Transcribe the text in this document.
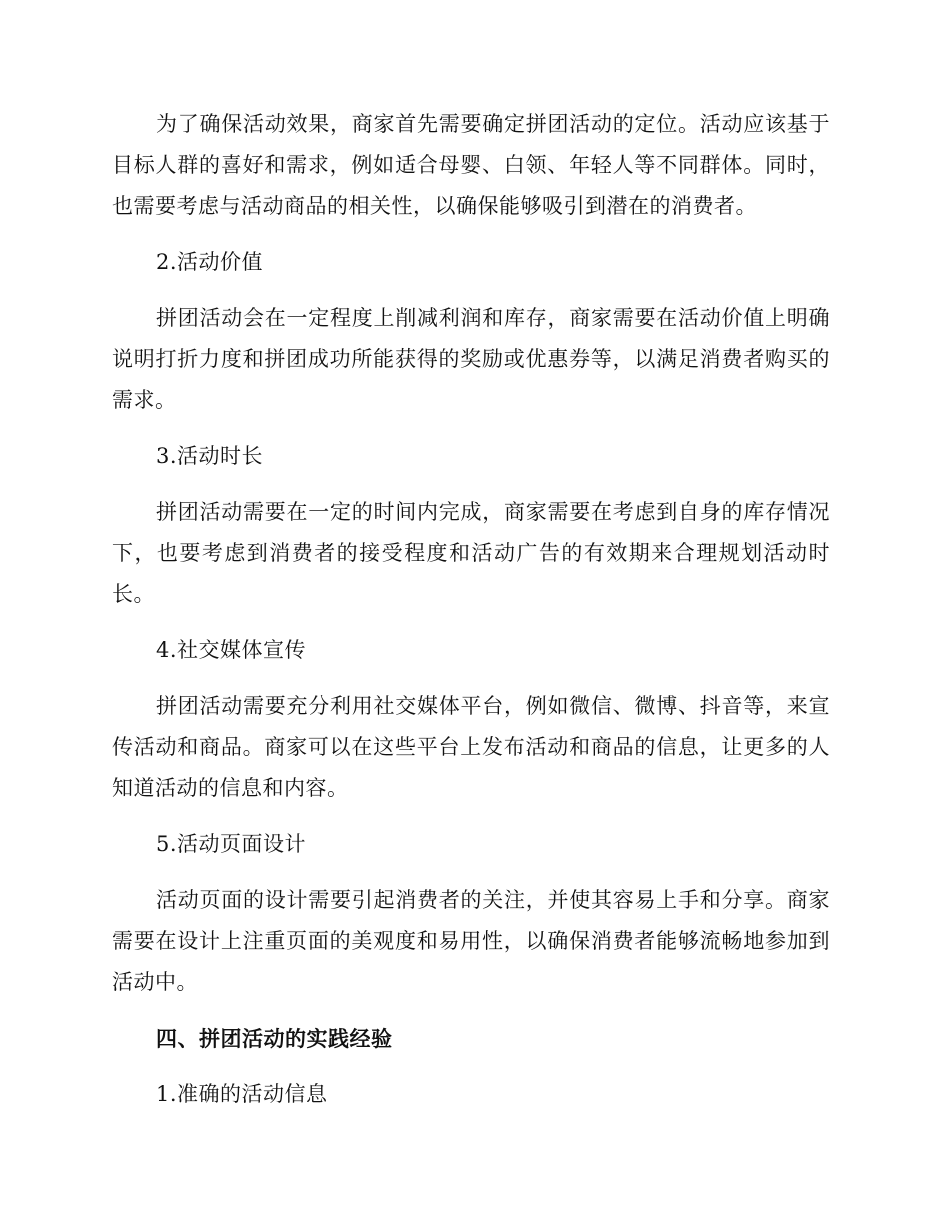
为了确保活动效果，商家首先需要确定拼团活动的定位。活动应该基于目标人群的喜好和需求，例如适合母婴、白领、年轻人等不同群体。同时，也需要考虑与活动商品的相关性，以确保能够吸引到潜在的消费者。

2.活动价值

拼团活动会在一定程度上削减利润和库存，商家需要在活动价值上明确说明打折力度和拼团成功所能获得的奖励或优惠券等，以满足消费者购买的需求。

3.活动时长

拼团活动需要在一定的时间内完成，商家需要在考虑到自身的库存情况下，也要考虑到消费者的接受程度和活动广告的有效期来合理规划活动时长。

4.社交媒体宣传

拼团活动需要充分利用社交媒体平台，例如微信、微博、抖音等，来宣传活动和商品。商家可以在这些平台上发布活动和商品的信息，让更多的人知道活动的信息和内容。

5.活动页面设计

活动页面的设计需要引起消费者的关注，并使其容易上手和分享。商家需要在设计上注重页面的美观度和易用性，以确保消费者能够流畅地参加到活动中。

四、拼团活动的实践经验

1.准确的活动信息
